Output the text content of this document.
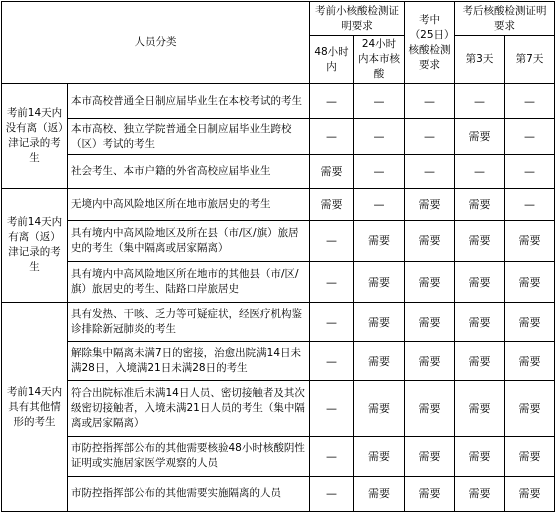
人员分类		考前小核酸检测证明要求		考中（25日）核酸检测要求	考后核酸检测证明要求	
		48小时内	24小时内本市核酸		第3天	第7天
考前14天内没有离（返）津记录的考生	本市高校普通全日制应届毕业生在本校考试的考生	—	—	—	—	—
	本市高校、独立学院普通全日制应届毕业生跨校（区）考试的考生	—	—	—	需要	—
	社会考生、本市户籍的外省高校应届毕业生	需要	—	—	—	—
考前14天内有离（返）津记录的考生	无境内中高风险地区所在地市旅居史的考生	需要	—	需要	需要	—
	具有境内中高风险地区及所在县（市/区/旗）旅居史的考生（集中隔离或居家隔离）	—	需要	需要	需要	需要
	具有境内中高风险地区所在地市的其他县（市/区/旗）旅居史的考生、陆路口岸旅居史	—	需要	需要	需要	需要
考前14天内具有其他情形的考生	具有发热、干咳、乏力等可疑症状，经医疗机构鉴诊排除新冠肺炎的考生	—	需要	需要	需要	需要
	解除集中隔离未满7日的密接，治愈出院满14日未满28日，入境满21日未满28日的考生	—	需要	需要	需要	需要
	符合出院标准后未满14日人员、密切接触者及其次级密切接触者，入境未满21日人员的考生（集中隔离或居家隔离）	—	需要	需要	需要	需要
	市防控指挥部公布的其他需要核验48小时核酸阴性证明或实施居家医学观察的人员	—	需要	需要	需要	需要
	市防控指挥部公布的其他需要实施隔离的人员	—	需要	需要	需要	需要
